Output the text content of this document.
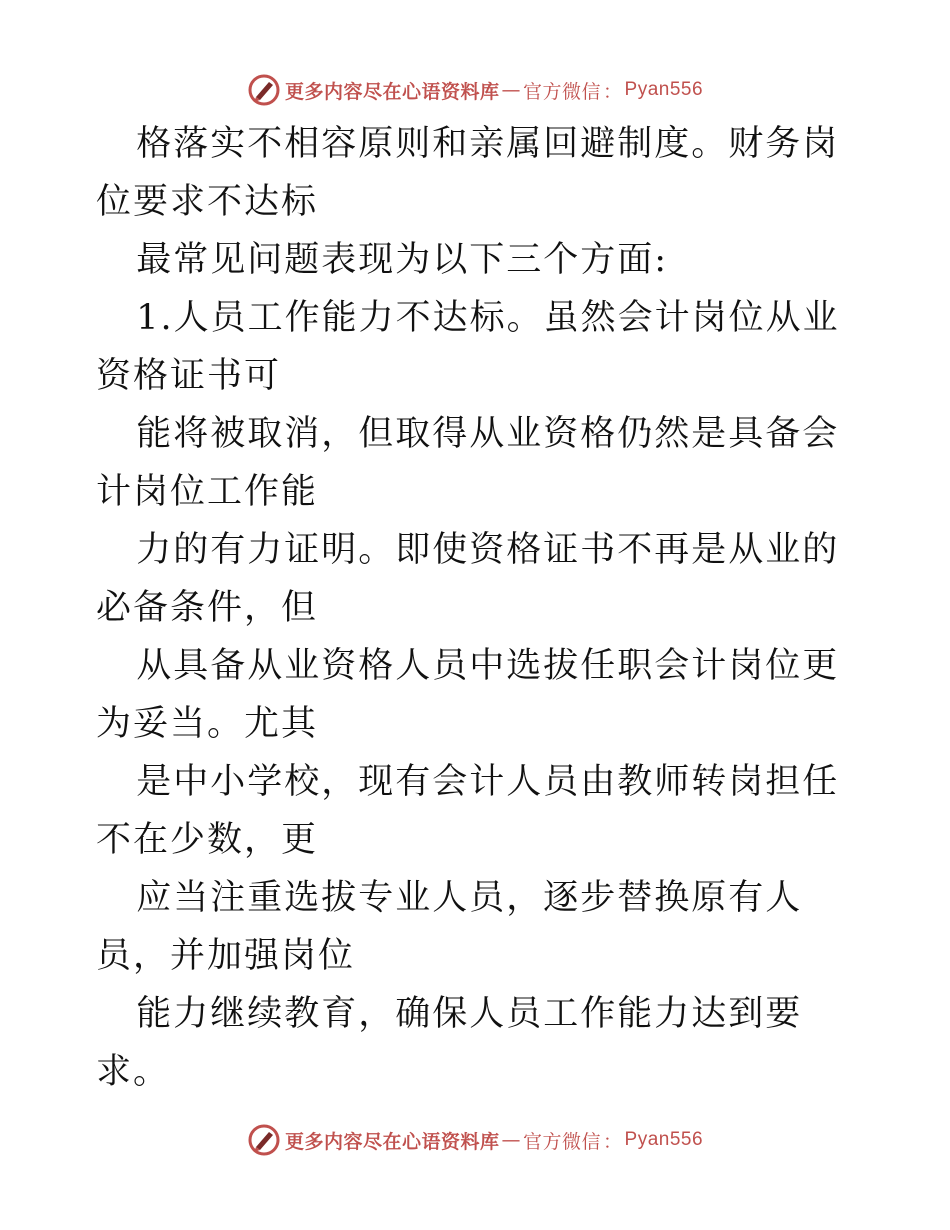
更多内容尽在心语资料库 — 官方微信 ： Pyan556

格落实不相容原则和亲属回避制度。财务岗位要求不达标

最常见问题表现为以下三个方面:

1.人员工作能力不达标。虽然会计岗位从业资格证书可

能将被取消，但取得从业资格仍然是具备会计岗位工作能

力的有力证明。即使资格证书不再是从业的必备条件，但

从具备从业资格人员中选拔任职会计岗位更为妥当。尤其

是中小学校，现有会计人员由教师转岗担任不在少数，更

应当注重选拔专业人员，逐步替换原有人员，并加强岗位

能力继续教育，确保人员工作能力达到要求。

更多内容尽在心语资料库 — 官方微信 ： Pyan556
